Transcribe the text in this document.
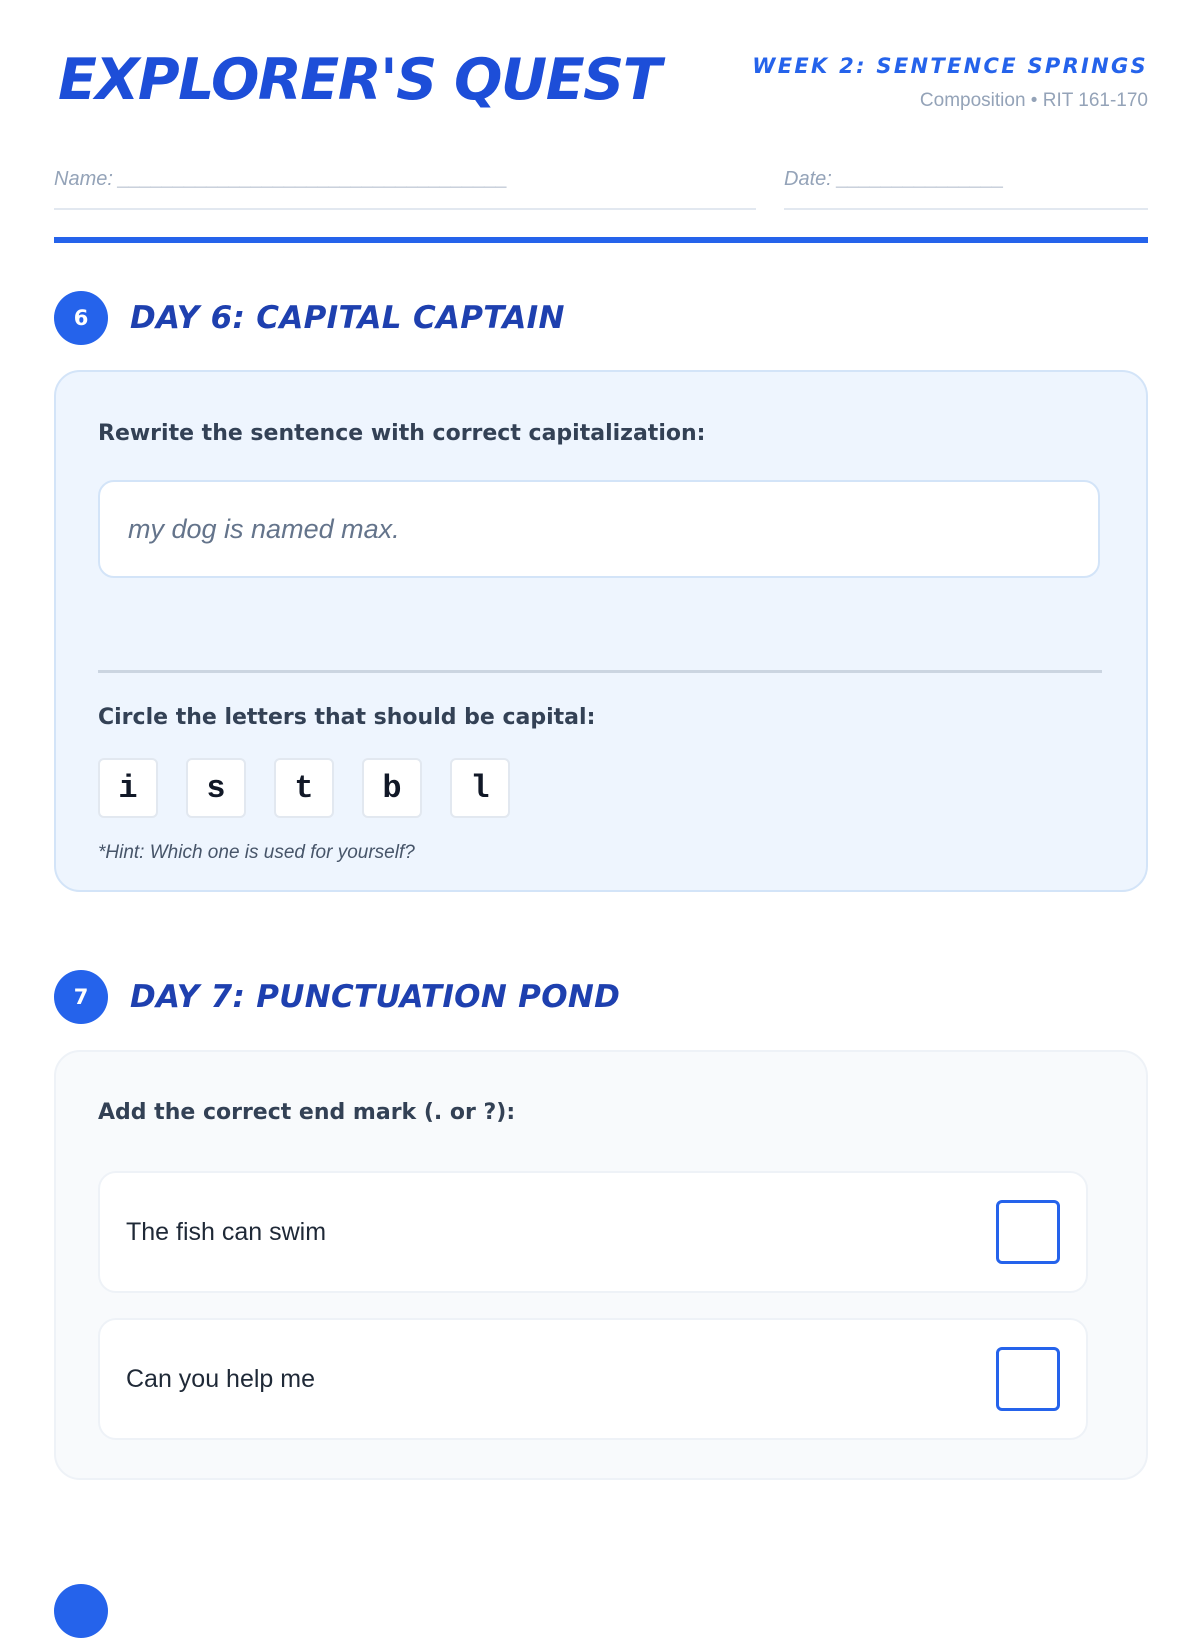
EXPLORER'S QUEST	WEEK 2: SENTENCE SPRINGS
Composition • RIT 161-170
Name: ___________________________________	Date: _______________
6	DAY 6: CAPITAL CAPTAIN
Rewrite the sentence with correct capitalization:
my dog is named max.
Circle the letters that should be capital:
i	s	t	b	l
*Hint: Which one is used for yourself?
7	DAY 7: PUNCTUATION POND
Add the correct end mark (. or ?):
The fish can swim
Can you help me
